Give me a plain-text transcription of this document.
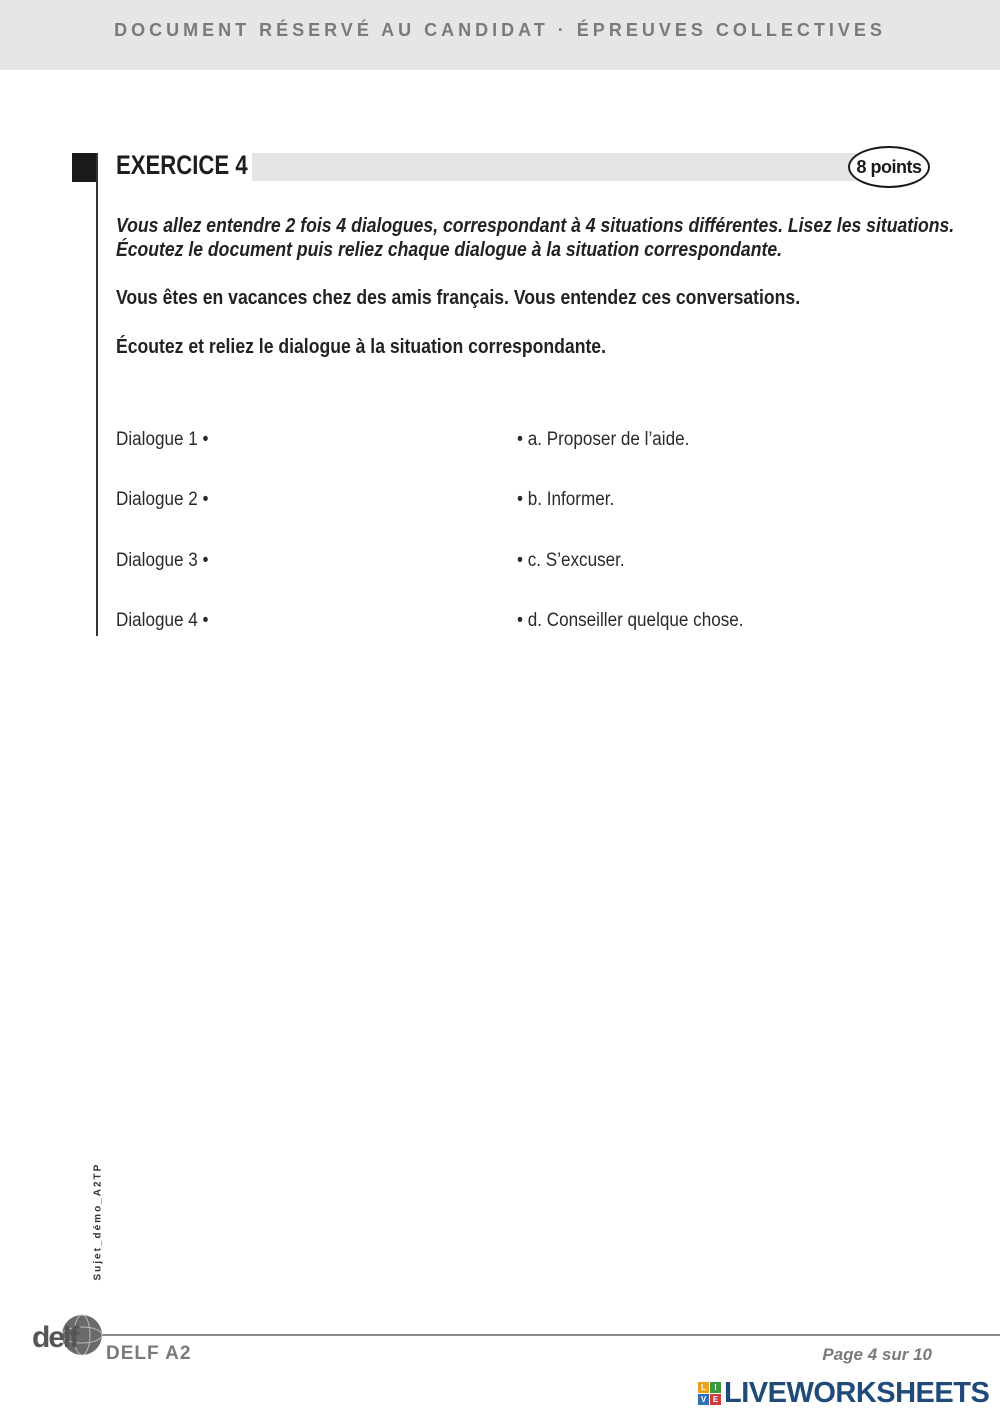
DOCUMENT RÉSERVÉ AU CANDIDAT · ÉPREUVES COLLECTIVES
EXERCICE 4	8 points
Vous allez entendre 2 fois 4 dialogues, correspondant à 4 situations différentes. Lisez les situations.
Écoutez le document puis reliez chaque dialogue à la situation correspondante.
Vous êtes en vacances chez des amis français. Vous entendez ces conversations.
Écoutez et reliez le dialogue à la situation correspondante.
Dialogue 1 •	• a. Proposer de l’aide.
Dialogue 2 •	• b. Informer.
Dialogue 3 •	• c. S’excuser.
Dialogue 4 •	• d. Conseiller quelque chose.
Sujet_démo_A2TP
delf DELF A2	Page 4 sur 10
L	I
V E LIVEWORKSHEETS
